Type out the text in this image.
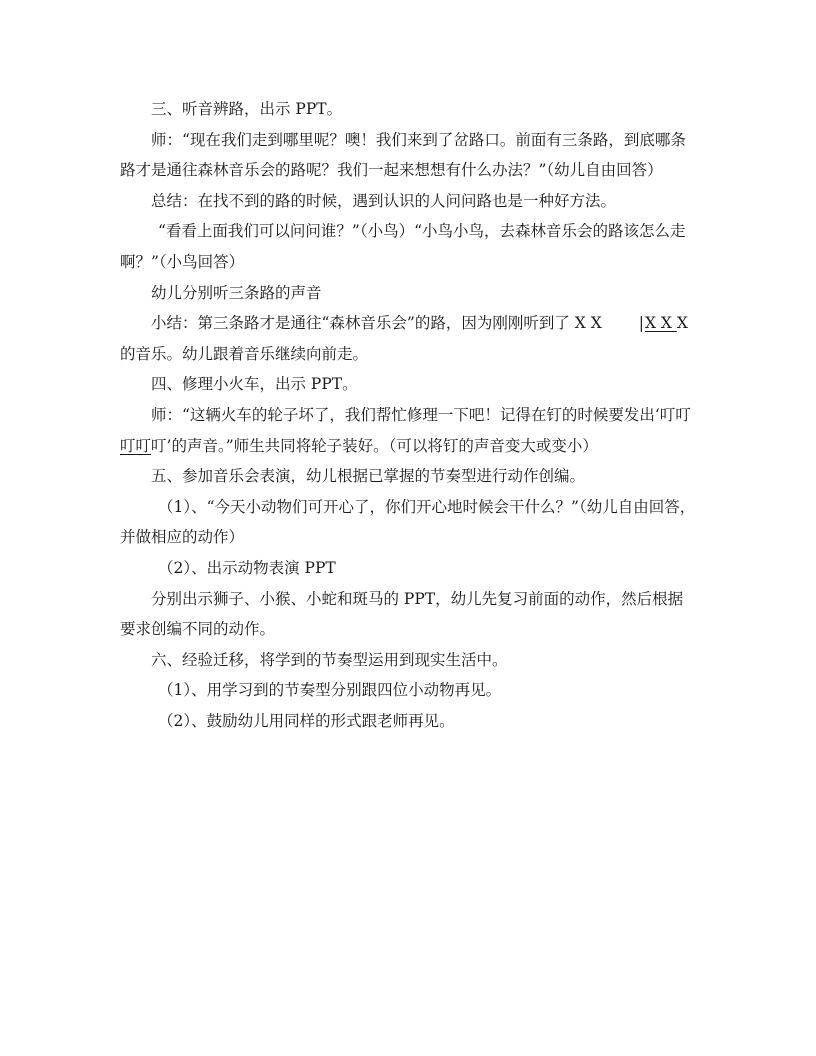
三、听音辨路，出示 PPT。

师：“现在我们走到哪里呢？噢！我们来到了岔路口。前面有三条路，到底哪条路才是通往森林音乐会的路呢？我们一起来想想有什么办法？”（幼儿自由回答）

总结：在找不到的路的时候，遇到认识的人问问路也是一种好方法。

“看看上面我们可以问问谁？”（小鸟）“小鸟小鸟，去森林音乐会的路该怎么走啊？”（小鸟回答）

幼儿分别听三条路的声音

小结：第三条路才是通往“森林音乐会”的路，因为刚刚听到了 X X |X X X 的音乐。幼儿跟着音乐继续向前走。

四、修理小火车，出示 PPT。

师：“这辆火车的轮子坏了，我们帮忙修理一下吧！记得在钉的时候要发出‘叮叮叮叮叮’的声音。”师生共同将轮子装好。（可以将钉的声音变大或变小）

五、参加音乐会表演，幼儿根据已掌握的节奏型进行动作创编。

（1）、“今天小动物们可开心了，你们开心地时候会干什么？”（幼儿自由回答，并做相应的动作）

（2）、出示动物表演 PPT

分别出示狮子、小猴、小蛇和斑马的 PPT，幼儿先复习前面的动作，然后根据要求创编不同的动作。

六、经验迁移，将学到的节奏型运用到现实生活中。

（1）、用学习到的节奏型分别跟四位小动物再见。

（2）、鼓励幼儿用同样的形式跟老师再见。
